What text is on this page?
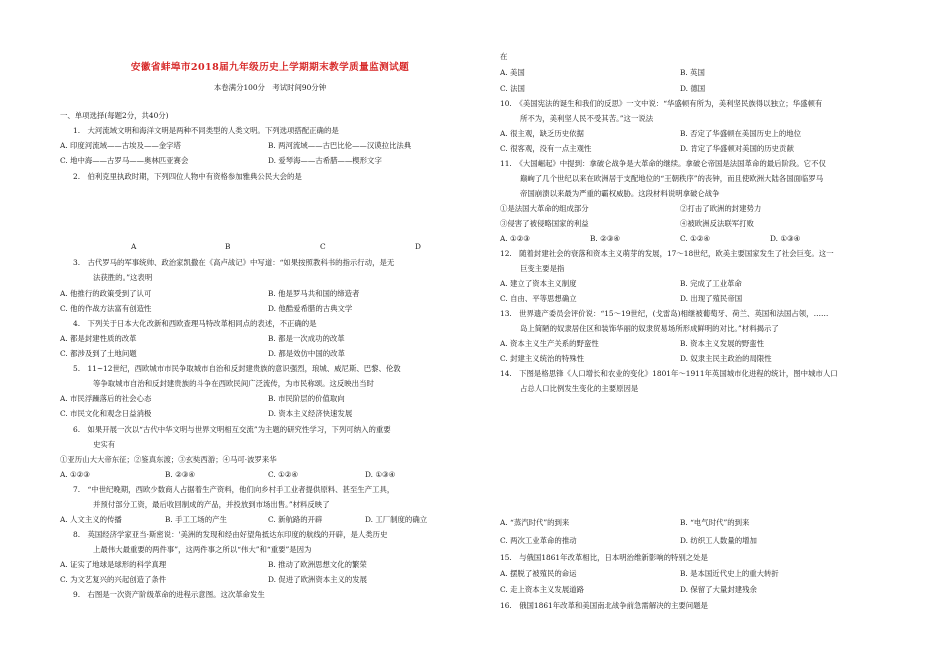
安徽省蚌埠市2018届九年级历史上学期期末教学质量监测试题
本卷满分100分　考试时间90分钟
一、单项选择(每题2分，共40分)
1.　大河流域文明和海洋文明是两种不同类型的人类文明。下列选项搭配正确的是
A. 印度河流域——古埃及——金字塔	B. 两河流域——古巴比伦——汉谟拉比法典
C. 地中海——古罗马——奥林匹亚赛会	D. 爱琴海——古希腊——楔形文字
2.　伯利克里执政时期，下列四位人物中有资格参加雅典公民大会的是
A	B	C	D
3.　古代罗马的军事统帅、政治家凯撒在《高卢战记》中写道：“如果按照教科书的指示行动，是无
法获胜的。”这表明
A. 他推行的政策受到了认可	B. 他是罗马共和国的缔造者
C. 他的作战方法富有创造性	D. 他酷爱希腊的古典文学
4.　下列关于日本大化改新和西欧查理马特改革相同点的表述，不正确的是
A. 都是封建性质的改革	B. 都是一次成功的改革
C. 都涉及到了土地问题	D. 都是效仿中国的改革
5.　11~12世纪，西欧城市市民争取城市自治和反封建贵族的意识强烈，琅城、威尼斯、巴黎、伦敦
等争取城市自治和反封建贵族的斗争在西欧民间广泛流传，为市民称颂。这反映出当时
A. 市民浮躁落后的社会心态	B. 市民阶层的价值取向
C. 市民文化和观念日益消极	D. 资本主义经济快速发展
6.　如果开展一次以“古代中华文明与世界文明相互交流”为主题的研究性学习，下列可纳入的重要
史实有
①亚历山大大帝东征；②鉴真东渡；③玄奘西游；④马可·波罗来华
A. ①②③	B. ②③④	C. ①②④	D. ①③④
7.　“中世纪晚期，西欧少数商人占据着生产资料，他们向乡村手工业者提供原料、甚至生产工具，
并预付部分工资，最后收回制成的产品，并投放到市场出售。”材料反映了
A. 人文主义的传播	B. 手工工场的产生	C. 新航路的开辟	D. 工厂制度的确立
8.　英国经济学家亚当·斯密说：'美洲的发现和经由好望角抵达东印度的航线的开辟，是人类历史
上最伟大最重要的两件事”，这两件事之所以“伟大”和“重要”是因为
A. 证实了地球是球形的科学真理	B. 推动了欧洲思想文化的繁荣
C. 为文艺复兴的兴起创造了条件	D. 促进了欧洲资本主义的发展
9.　右图是一次资产阶级革命的进程示意图。这次革命发生
在
A. 美国	B. 英国
C. 法国	D. 德国
10.　《美国宪法的诞生和我们的反思》一文中说：“华盛顿有所为，美利坚民族得以独立；华盛顿有
所不为，美利坚人民不受其苦。”这一说法
A. 很主观，缺乏历史依据	B. 否定了华盛顿在美国历史上的地位
C. 很客观，没有一点主观性	D. 肯定了华盛顿对美国的历史贡献
11.　《大国崛起》中提到：拿破仑战争是大革命的继续。拿破仑帝国是法国革命的最后阶段。它不仅
巅峋了几个世纪以来在欧洲居于支配地位的“王朝秩序”的丧钟，而且使欧洲大陆各国面临罗马
帝国崩溃以来最为严重的霸权威胁。这段材料说明拿破仑战争
①是法国大革命的组成部分	②打击了欧洲的封建势力
③侵害了被侵略国家的利益	④被欧洲反法联军打败
A. ①②③	B. ②③④	C. ①②④	D. ①③④
12.　随着封建社会的衰落和资本主义萌芽的发展，17～18世纪，欧美主要国家发生了社会巨变。这一
巨变主要是指
A. 建立了资本主义制度	B. 完成了工业革命
C. 自由、平等思想确立	D. 出现了殖民帝国
13.　世界遗产委员会评价说：“15～19世纪，(戈雷岛)相继被葡萄牙、荷兰、英国和法国占领，……
岛上简陋的奴隶居住区和装饰华丽的奴隶贸易场所形成鲜明的对比。”材料揭示了
A. 资本主义生产关系的野蛮性	B. 资本主义发展的野蛮性
C. 封建主义统治的特殊性	D. 奴隶主民主政治的局限性
14.　下图是格思锋《人口增长和农业的变化》1801年～1911年英国城市化进程的统计，图中城市人口
占总人口比例发生变化的主要原因是
A. “蒸汽时代”的到来	B. “电气时代”的到来
C. 两次工业革命的推动	D. 纺织工人数量的增加
15.　与俄国1861年改革相比，日本明治维新影响的特别之处是
A. 摆脱了被殖民的命运	B. 是本国近代史上的重大转折
C. 走上资本主义发展道路	D. 保留了大量封建残余
16.　俄国1861年改革和美国南北战争前急需解决的主要问题是
